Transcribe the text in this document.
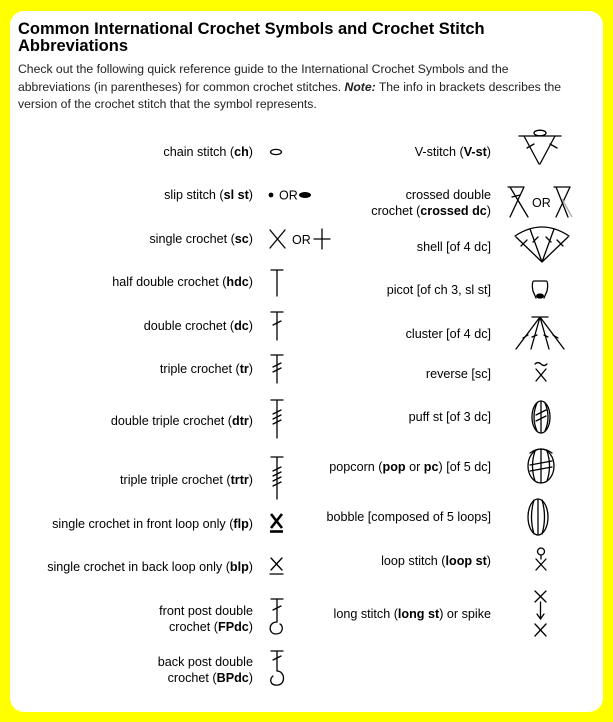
Common International Crochet Symbols and Crochet Stitch Abbreviations

Check out the following quick reference guide to the International Crochet Symbols and the abbreviations (in parentheses) for common crochet stitches. Note: The info in brackets describes the version of the crochet stitch that the symbol represents.

chain stitch (ch)
slip stitch (sl st)
single crochet (sc)
half double crochet (hdc)
double crochet (dc)
triple crochet (tr)
double triple crochet (dtr)
triple triple crochet (trtr)
single crochet in front loop only (flp)
single crochet in back loop only (blp)
front post double
crochet (FPdc)
back post double
crochet (BPdc)
V-stitch (V-st)
crossed double
crochet (crossed dc)
shell [of 4 dc]
picot [of ch 3, sl st]
cluster [of 4 dc]
reverse [sc]
puff st [of 3 dc]
popcorn (pop or pc) [of 5 dc]
bobble [composed of 5 loops]
loop stitch (loop st)
long stitch (long st) or spike
OR
OR
OR
